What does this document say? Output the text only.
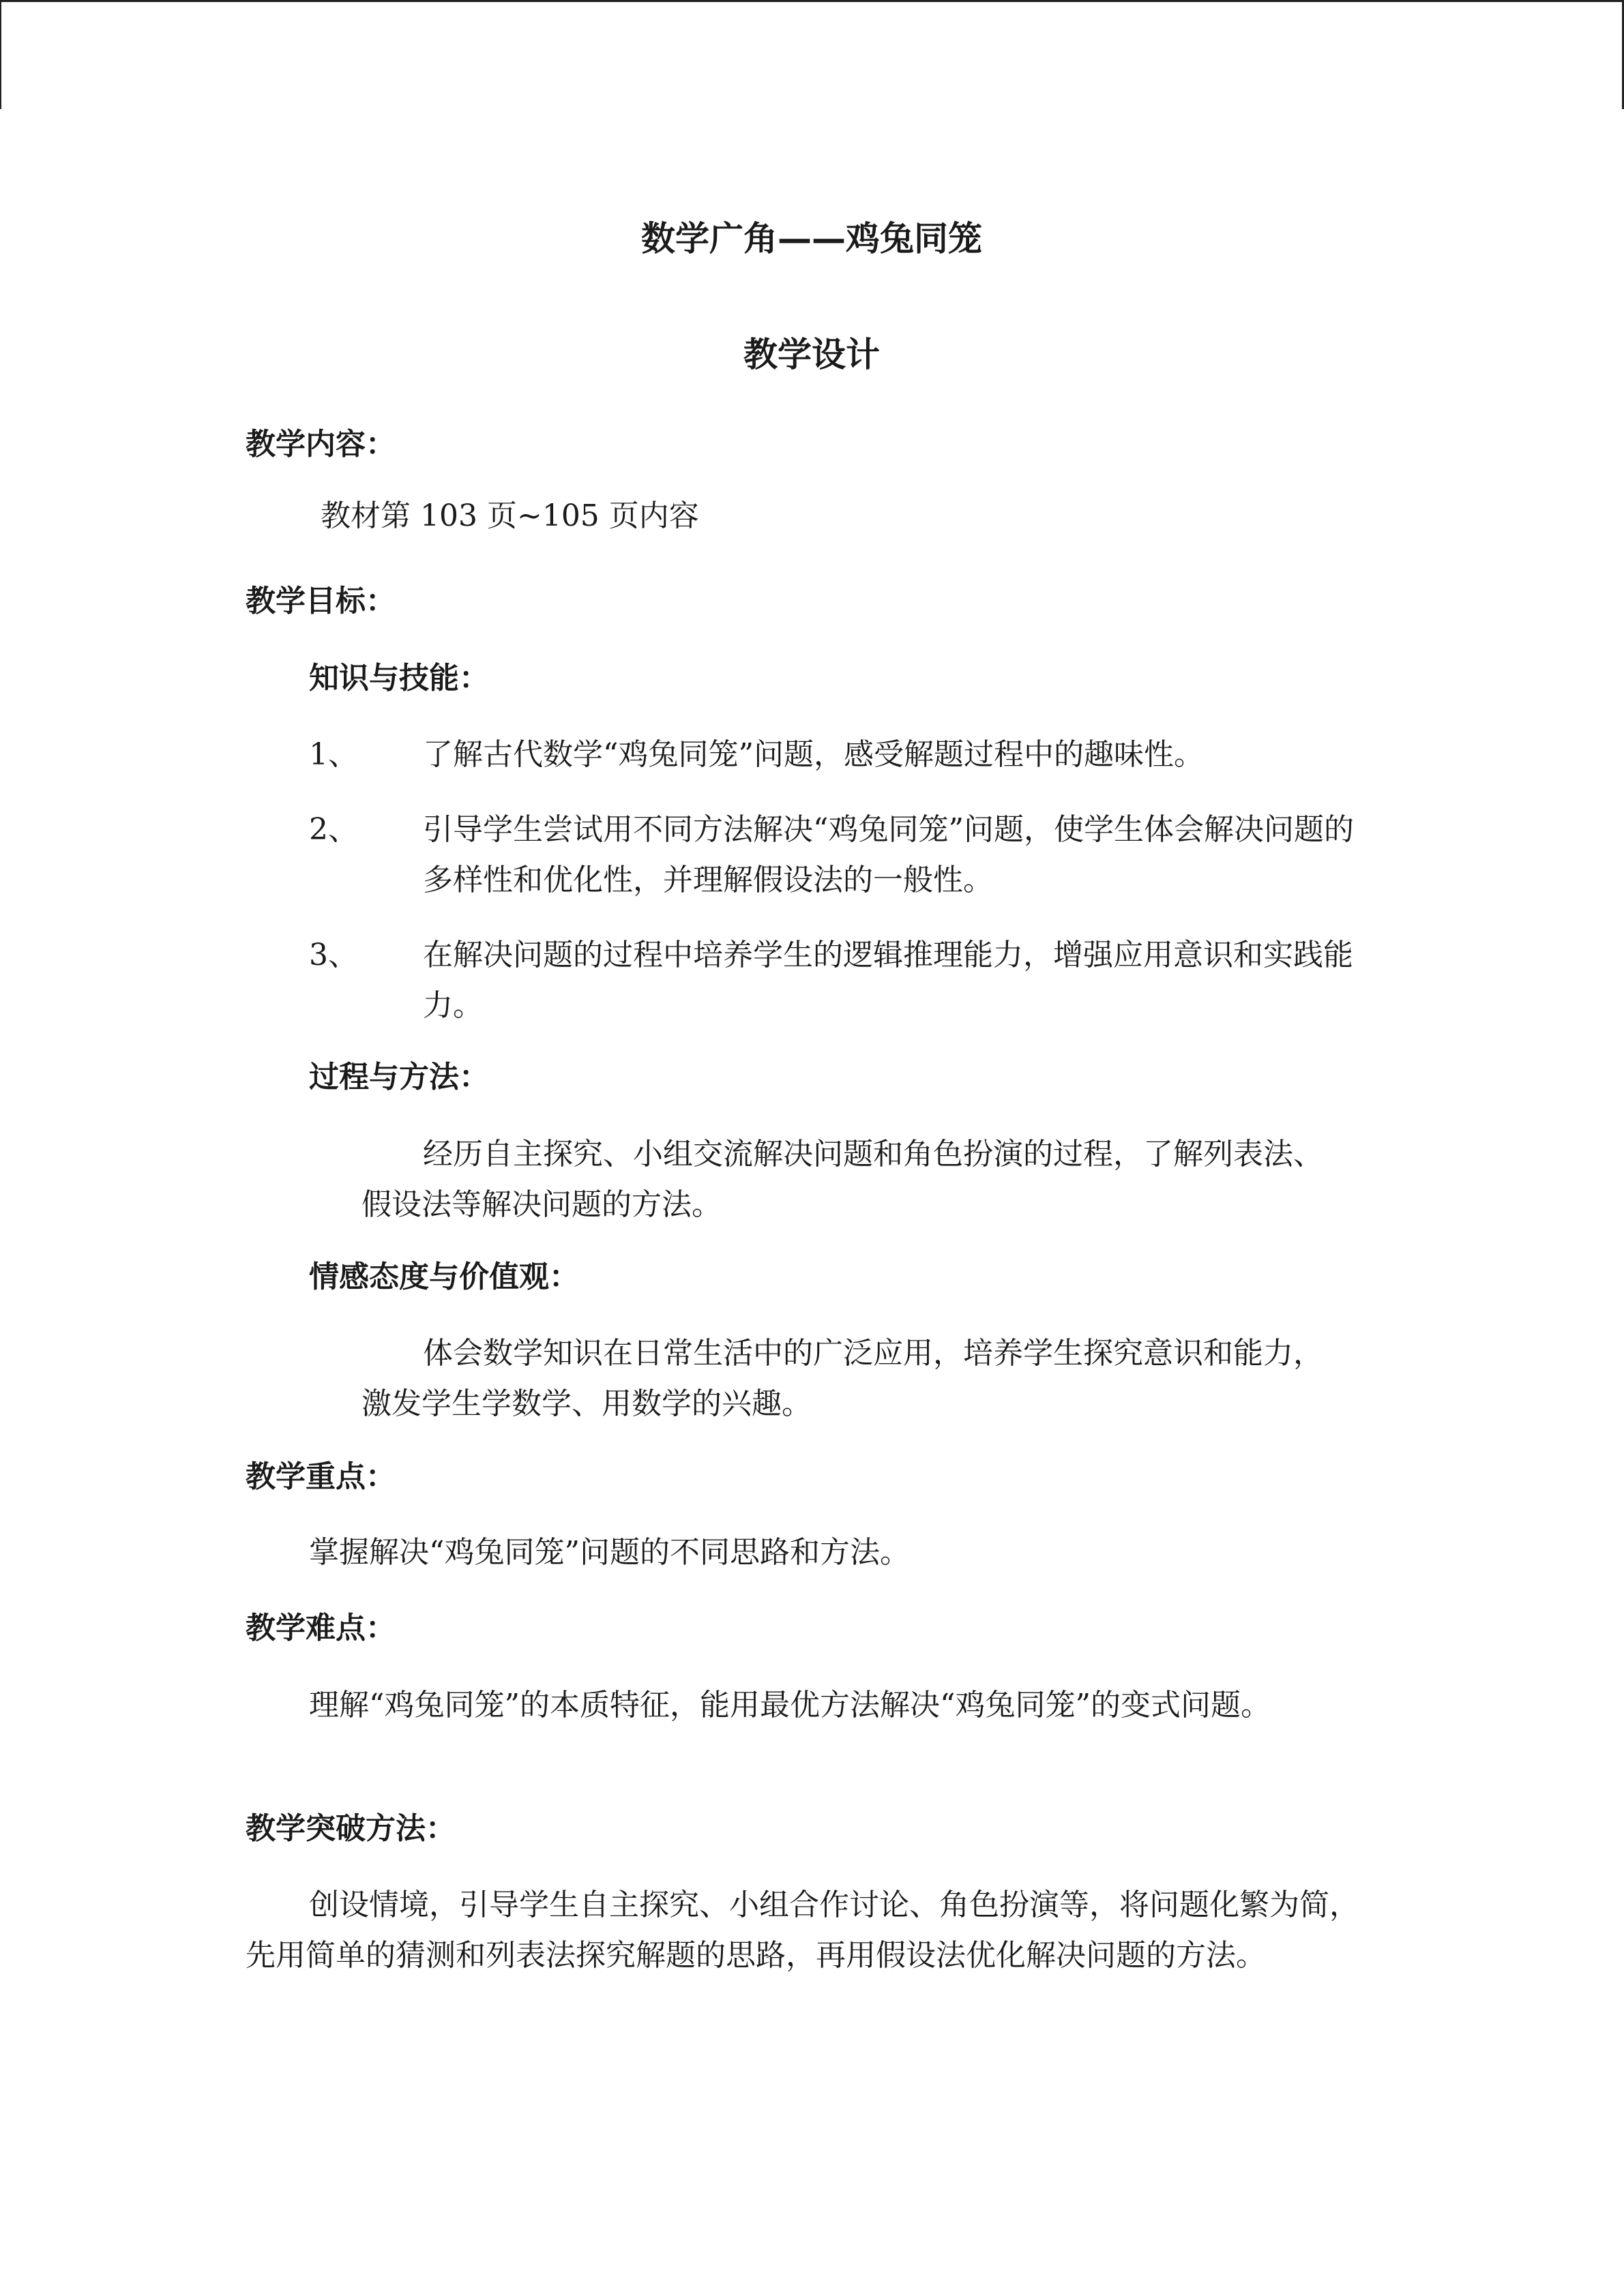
数学广角——鸡兔同笼
教学设计

教学内容：

教材第 103 页~105 页内容

教学目标：

知识与技能：

1、 了解古代数学“鸡兔同笼”问题，感受解题过程中的趣味性。

2、 引导学生尝试用不同方法解决“鸡兔同笼”问题，使学生体会解决问题的多样性和优化性，并理解假设法的一般性。

3、 在解决问题的过程中培养学生的逻辑推理能力，增强应用意识和实践能力。

过程与方法：

经历自主探究、小组交流解决问题和角色扮演的过程，了解列表法、假设法等解决问题的方法。

情感态度与价值观：

体会数学知识在日常生活中的广泛应用，培养学生探究意识和能力，激发学生学数学、用数学的兴趣。

教学重点：

掌握解决“鸡兔同笼”问题的不同思路和方法。

教学难点：

理解“鸡兔同笼”的本质特征，能用最优方法解决“鸡兔同笼”的变式问题。

教学突破方法：

创设情境，引导学生自主探究、小组合作讨论、角色扮演等，将问题化繁为简，先用简单的猜测和列表法探究解题的思路，再用假设法优化解决问题的方法。
